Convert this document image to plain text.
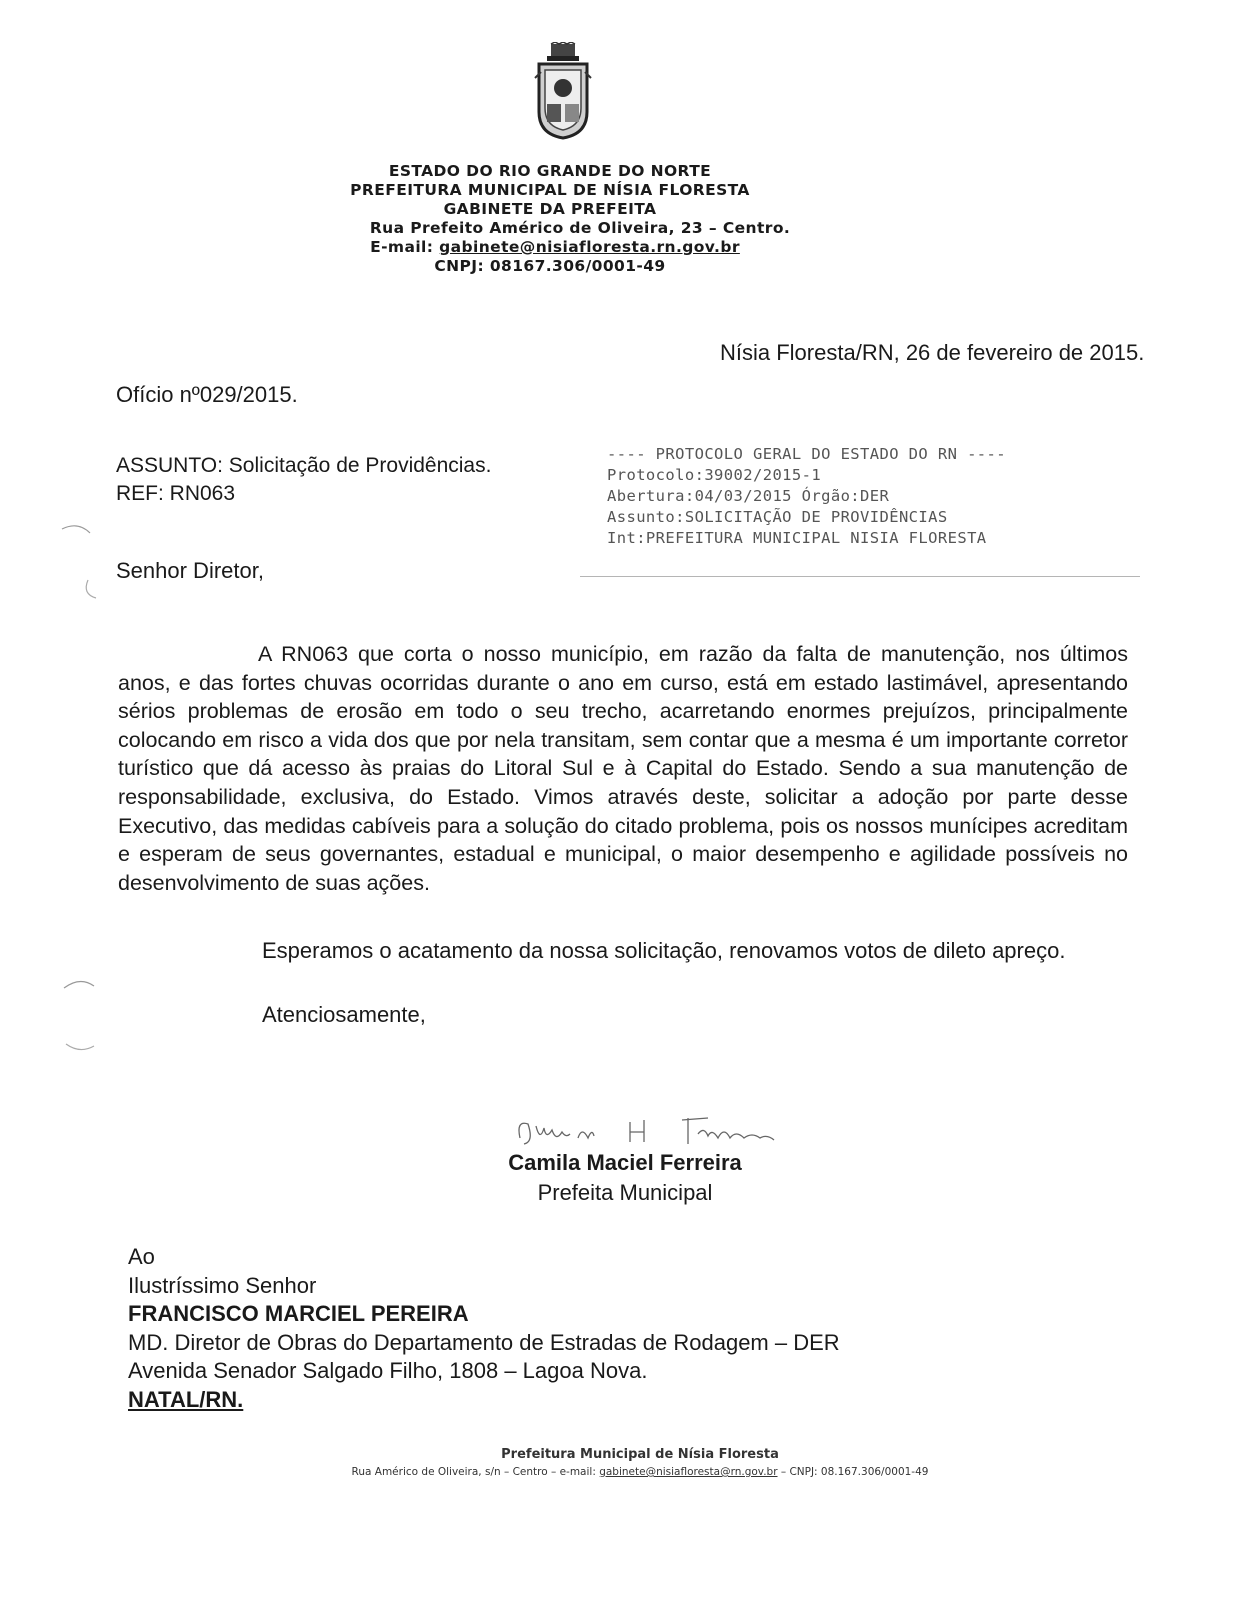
ESTADO DO RIO GRANDE DO NORTE
PREFEITURA MUNICIPAL DE NÍSIA FLORESTA
GABINETE DA PREFEITA
Rua Prefeito Américo de Oliveira, 23 – Centro.
E-mail: gabinete@nisiafloresta.rn.gov.br
CNPJ: 08167.306/0001-49
Nísia Floresta/RN, 26 de fevereiro de 2015.
Ofício nº029/2015.
ASSUNTO: Solicitação de Providências.
REF: RN063
---- PROTOCOLO GERAL DO ESTADO DO RN ----
Protocolo:39002/2015-1
Abertura:04/03/2015 Órgão:DER
Assunto:SOLICITAÇÃO DE PROVIDÊNCIAS
Int:PREFEITURA MUNICIPAL NISIA FLORESTA
Senhor Diretor,
A RN063 que corta o nosso município, em razão da falta de manutenção, nos últimos anos, e das fortes chuvas ocorridas durante o ano em curso, está em estado lastimável, apresentando sérios problemas de erosão em todo o seu trecho, acarretando enormes prejuízos, principalmente colocando em risco a vida dos que por nela transitam, sem contar que a mesma é um importante corretor turístico que dá acesso às praias do Litoral Sul e à Capital do Estado. Sendo a sua manutenção de responsabilidade, exclusiva, do Estado. Vimos através deste, solicitar a adoção por parte desse Executivo, das medidas cabíveis para a solução do citado problema, pois os nossos munícipes acreditam e esperam de seus governantes, estadual e municipal, o maior desempenho e agilidade possíveis no desenvolvimento de suas ações.
Esperamos o acatamento da nossa solicitação, renovamos votos de dileto apreço.
Atenciosamente,
Camila Maciel Ferreira
Prefeita Municipal
Ao
Ilustríssimo Senhor
FRANCISCO MARCIEL PEREIRA
MD. Diretor de Obras do Departamento de Estradas de Rodagem – DER
Avenida Senador Salgado Filho, 1808 – Lagoa Nova.
NATAL/RN.
Prefeitura Municipal de Nísia Floresta
Rua Américo de Oliveira, s/n – Centro – e-mail: gabinete@nisiafloresta@rn.gov.br – CNPJ: 08.167.306/0001-49
